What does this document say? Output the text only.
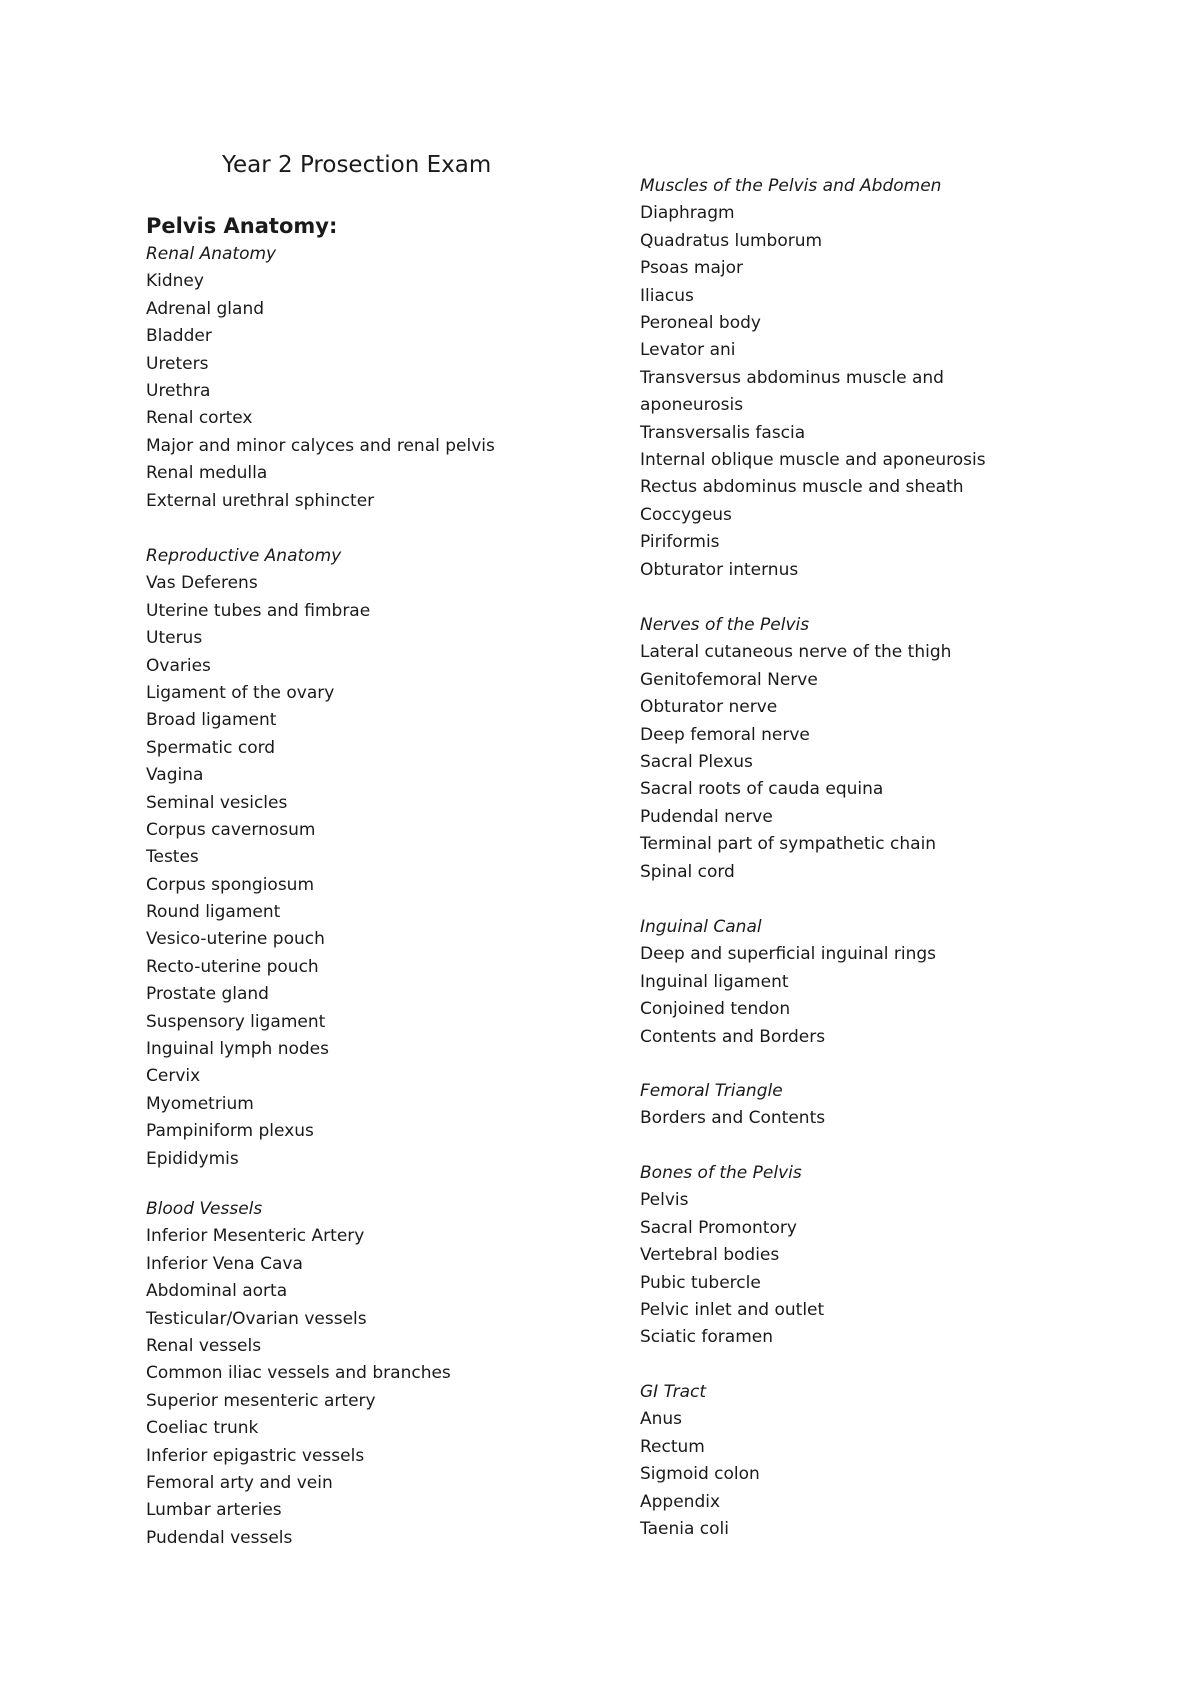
Year 2 Prosection Exam
Pelvis Anatomy:
Renal Anatomy
Kidney
Adrenal gland
Bladder
Ureters
Urethra
Renal cortex
Major and minor calyces and renal pelvis
Renal medulla
External urethral sphincter
Reproductive Anatomy
Vas Deferens
Uterine tubes and fimbrae
Uterus
Ovaries
Ligament of the ovary
Broad ligament
Spermatic cord
Vagina
Seminal vesicles
Corpus cavernosum
Testes
Corpus spongiosum
Round ligament
Vesico-uterine pouch
Recto-uterine pouch
Prostate gland
Suspensory ligament
Inguinal lymph nodes
Cervix
Myometrium
Pampiniform plexus
Epididymis
Blood Vessels
Inferior Mesenteric Artery
Inferior Vena Cava
Abdominal aorta
Testicular/Ovarian vessels
Renal vessels
Common iliac vessels and branches
Superior mesenteric artery
Coeliac trunk
Inferior epigastric vessels
Femoral arty and vein
Lumbar arteries
Pudendal vessels
Muscles of the Pelvis and Abdomen
Diaphragm
Quadratus lumborum
Psoas major
Iliacus
Peroneal body
Levator ani
Transversus abdominus muscle and aponeurosis
Transversalis fascia
Internal oblique muscle and aponeurosis
Rectus abdominus muscle and sheath
Coccygeus
Piriformis
Obturator internus
Nerves of the Pelvis
Lateral cutaneous nerve of the thigh
Genitofemoral Nerve
Obturator nerve
Deep femoral nerve
Sacral Plexus
Sacral roots of cauda equina
Pudendal nerve
Terminal part of sympathetic chain
Spinal cord
Inguinal Canal
Deep and superficial inguinal rings
Inguinal ligament
Conjoined tendon
Contents and Borders
Femoral Triangle
Borders and Contents
Bones of the Pelvis
Pelvis
Sacral Promontory
Vertebral bodies
Pubic tubercle
Pelvic inlet and outlet
Sciatic foramen
GI Tract
Anus
Rectum
Sigmoid colon
Appendix
Taenia coli
